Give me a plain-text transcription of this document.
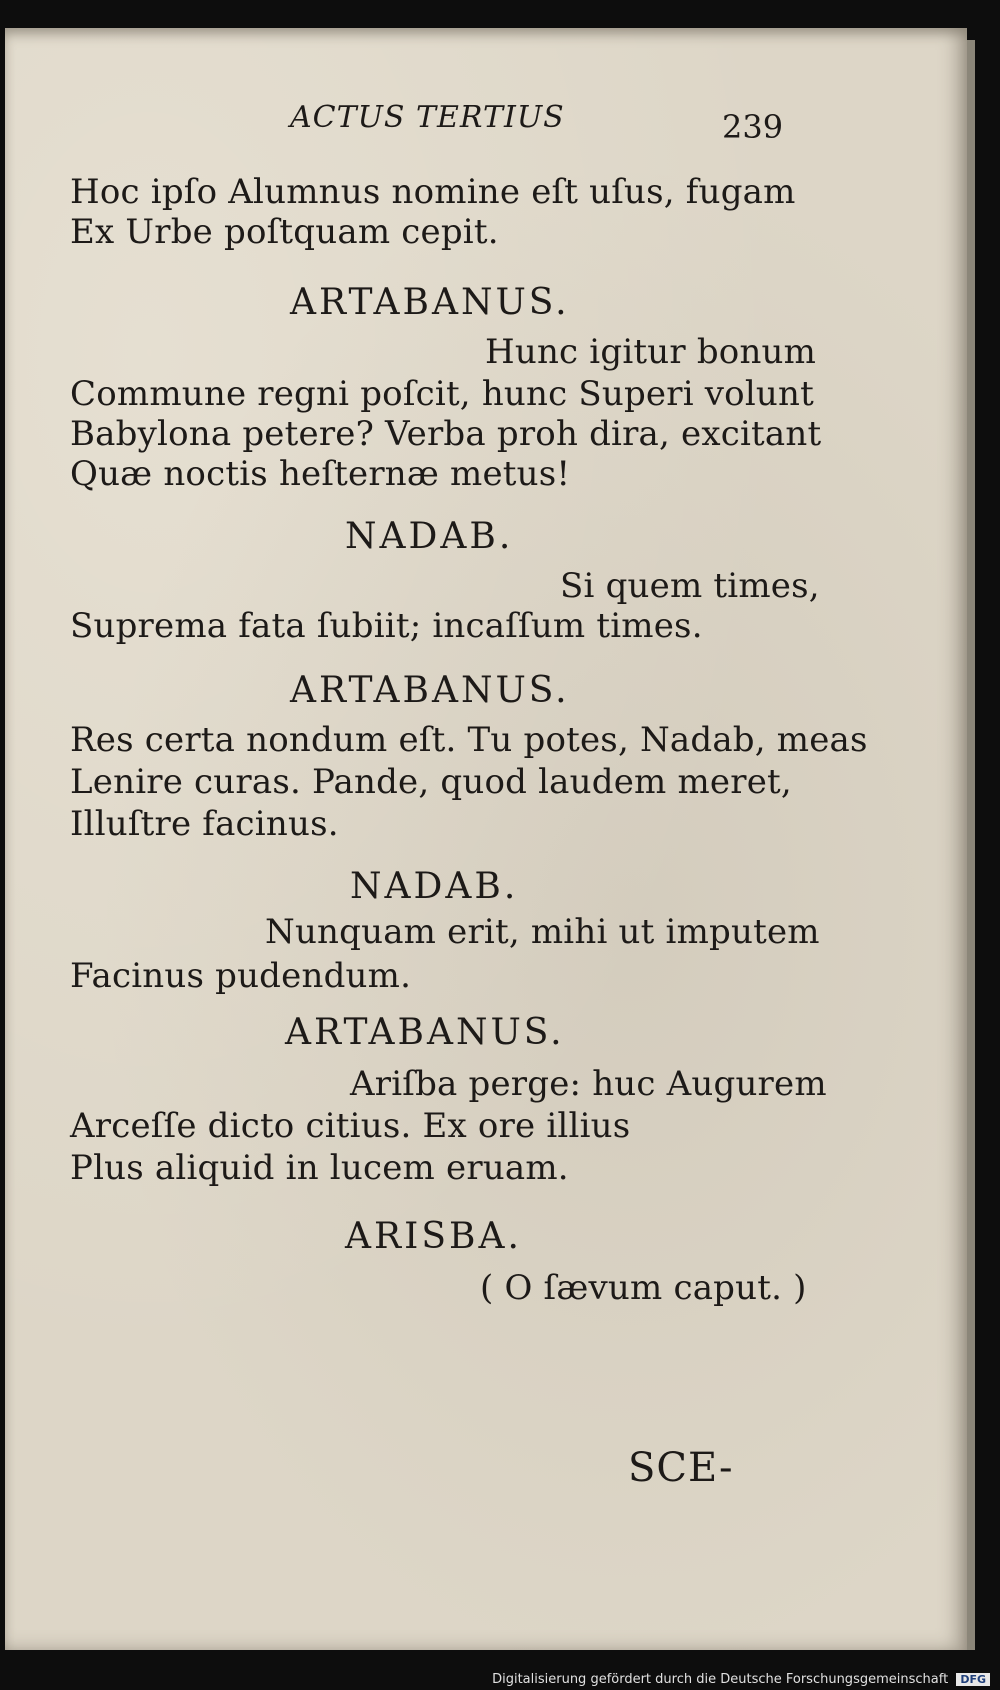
ACTUS TERTIUS	239
Hoc ipſo Alumnus nomine eſt uſus, fugam
Ex Urbe poſtquam cepit.
ARTABANUS.
Hunc igitur bonum
Commune regni poſcit, hunc Superi volunt
Babylona petere? Verba proh dira, excitant
Quæ noctis heſternæ metus!
NADAB.
Si quem times,
Suprema fata ſubiit; incaſſum times.
ARTABANUS.
Res certa nondum eſt. Tu potes, Nadab, meas
Lenire curas. Pande, quod laudem meret,
Illuſtre facinus.
NADAB.
Nunquam erit, mihi ut imputem
Facinus pudendum.
ARTABANUS.
Ariſba perge: huc Augurem
Arceſſe dicto citius. Ex ore illius
Plus aliquid in lucem eruam.
ARISBA.
( O ſævum caput. )
SCE-
Digitalisierung gefördert durch die Deutsche Forschungsgemeinschaft DFG
